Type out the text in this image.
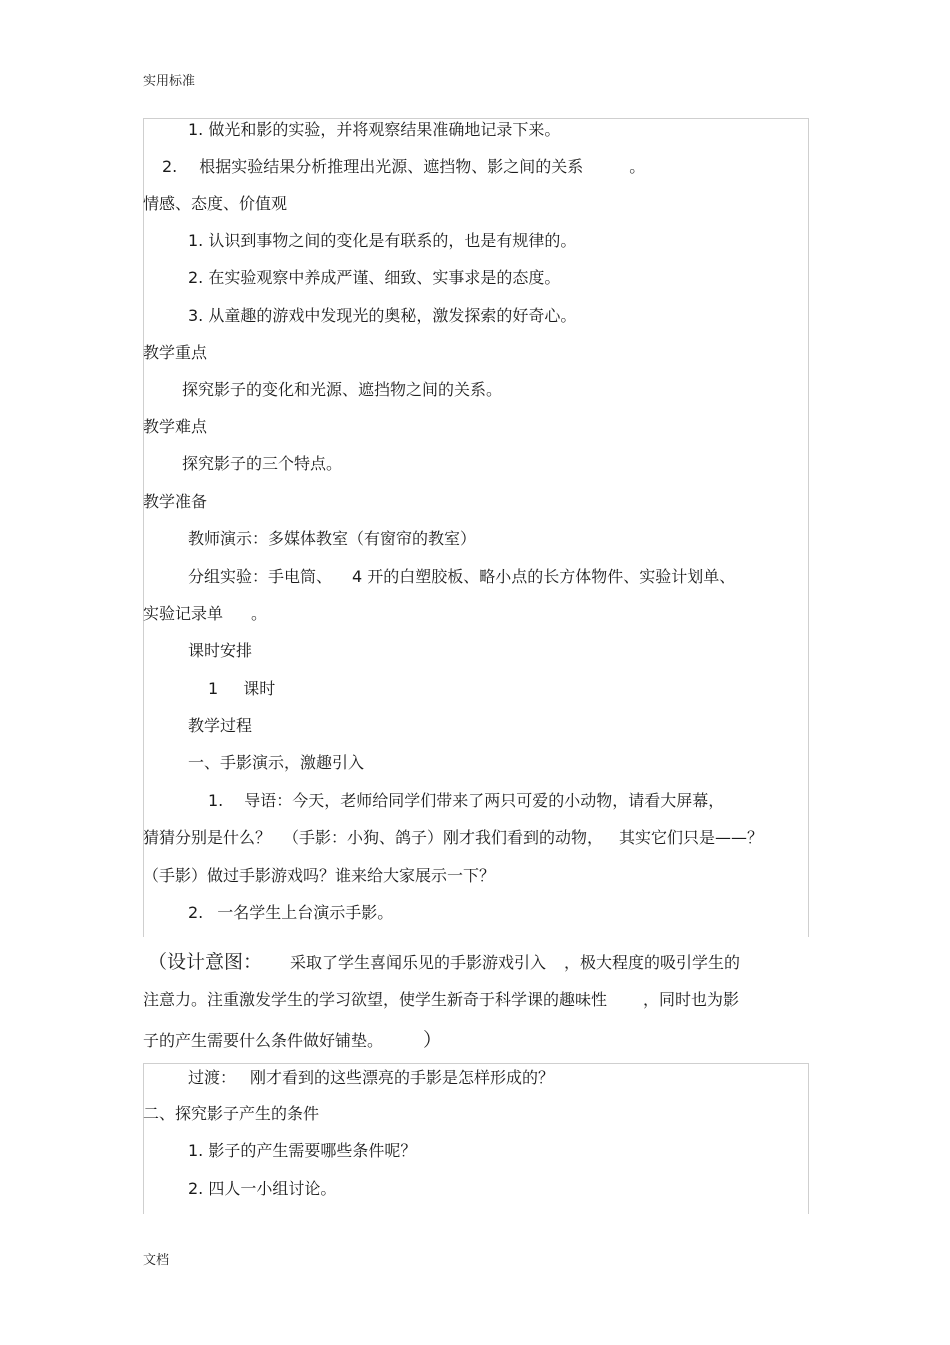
实用标准
1. 做光和影的实验，并将观察结果准确地记录下来。
2. 根据实验结果分析推理出光源、遮挡物、影之间的关系	。
情感、态度、价值观
1. 认识到事物之间的变化是有联系的，也是有规律的。
2. 在实验观察中养成严谨、细致、实事求是的态度。
3. 从童趣的游戏中发现光的奥秘，激发探索的好奇心。
教学重点
探究影子的变化和光源、遮挡物之间的关系。
教学难点
探究影子的三个特点。
教学准备
教师演示：多媒体教室（有窗帘的教室）
分组实验：手电筒、 4 开的白塑胶板、略小点的长方体物件、实验计划单、
实验记录单 。
课时安排
1 课时
教学过程
一、手影演示，激趣引入
1. 导语：今天，老师给同学们带来了两只可爱的小动物，请看大屏幕，
猜猜分别是什么？ （手影：小狗、鸽子）刚才我们看到的动物， 其实它们只是——？
（手影）做过手影游戏吗？谁来给大家展示一下？
2. 一名学生上台演示手影。
（设计意图： 采取了学生喜闻乐见的手影游戏引入 ，极大程度的吸引学生的
注意力。注重激发学生的学习欲望，使学生新奇于科学课的趣味性 ，同时也为影
子的产生需要什么条件做好铺垫。 ）
过渡： 刚才看到的这些漂亮的手影是怎样形成的？
二、探究影子产生的条件
1. 影子的产生需要哪些条件呢？
2. 四人一小组讨论。
文档
